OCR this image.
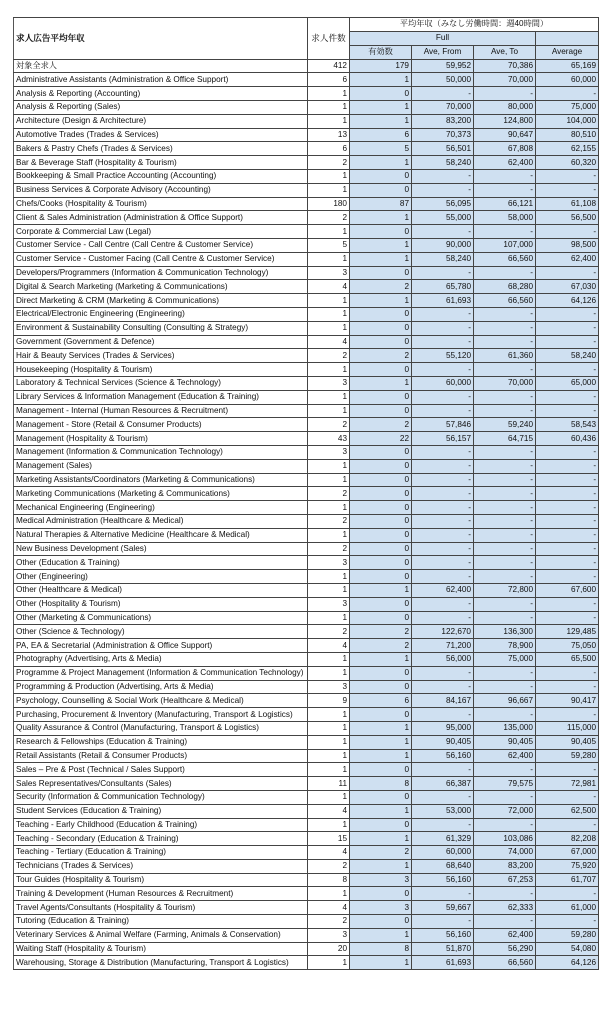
求人広告平均年収	求人件数	平均年収（みなし労働時間：週40時間）			
		Full			
		有効数	Ave, From	Ave, To	Average
対象全求人	412	179	59,952	70,386	65,169
Administrative Assistants (Administration & Office Support)	6	1	50,000	70,000	60,000
Analysis & Reporting (Accounting)	1	0	-	-	-
Analysis & Reporting (Sales)	1	1	70,000	80,000	75,000
Architecture (Design & Architecture)	1	1	83,200	124,800	104,000
Automotive Trades (Trades & Services)	13	6	70,373	90,647	80,510
Bakers & Pastry Chefs (Trades & Services)	6	5	56,501	67,808	62,155
Bar & Beverage Staff (Hospitality & Tourism)	2	1	58,240	62,400	60,320
Bookkeeping & Small Practice Accounting (Accounting)	1	0	-	-	-
Business Services & Corporate Advisory (Accounting)	1	0	-	-	-
Chefs/Cooks (Hospitality & Tourism)	180	87	56,095	66,121	61,108
Client & Sales Administration (Administration & Office Support)	2	1	55,000	58,000	56,500
Corporate & Commercial Law (Legal)	1	0	-	-	-
Customer Service - Call Centre (Call Centre & Customer Service)	5	1	90,000	107,000	98,500
Customer Service - Customer Facing (Call Centre & Customer Service)	1	1	58,240	66,560	62,400
Developers/Programmers (Information & Communication Technology)	3	0	-	-	-
Digital & Search Marketing (Marketing & Communications)	4	2	65,780	68,280	67,030
Direct Marketing & CRM (Marketing & Communications)	1	1	61,693	66,560	64,126
Electrical/Electronic Engineering (Engineering)	1	0	-	-	-
Environment & Sustainability Consulting (Consulting & Strategy)	1	0	-	-	-
Government (Government & Defence)	4	0	-	-	-
Hair & Beauty Services (Trades & Services)	2	2	55,120	61,360	58,240
Housekeeping (Hospitality & Tourism)	1	0	-	-	-
Laboratory & Technical Services (Science & Technology)	3	1	60,000	70,000	65,000
Library Services & Information Management (Education & Training)	1	0	-	-	-
Management - Internal (Human Resources & Recruitment)	1	0	-	-	-
Management - Store (Retail & Consumer Products)	2	2	57,846	59,240	58,543
Management (Hospitality & Tourism)	43	22	56,157	64,715	60,436
Management (Information & Communication Technology)	3	0	-	-	-
Management (Sales)	1	0	-	-	-
Marketing Assistants/Coordinators (Marketing & Communications)	1	0	-	-	-
Marketing Communications (Marketing & Communications)	2	0	-	-	-
Mechanical Engineering (Engineering)	1	0	-	-	-
Medical Administration (Healthcare & Medical)	2	0	-	-	-
Natural Therapies & Alternative Medicine (Healthcare & Medical)	1	0	-	-	-
New Business Development (Sales)	2	0	-	-	-
Other (Education & Training)	3	0	-	-	-
Other (Engineering)	1	0	-	-	-
Other (Healthcare & Medical)	1	1	62,400	72,800	67,600
Other (Hospitality & Tourism)	3	0	-	-	-
Other (Marketing & Communications)	1	0	-	-	-
Other (Science & Technology)	2	2	122,670	136,300	129,485
PA, EA & Secretarial (Administration & Office Support)	4	2	71,200	78,900	75,050
Photography (Advertising, Arts & Media)	1	1	56,000	75,000	65,500
Programme & Project Management (Information & Communication Technology)	1	0	-	-	-
Programming & Production (Advertising, Arts & Media)	3	0	-	-	-
Psychology, Counselling & Social Work (Healthcare & Medical)	9	6	84,167	96,667	90,417
Purchasing, Procurement & Inventory (Manufacturing, Transport & Logistics)	1	0	-	-	-
Quality Assurance & Control (Manufacturing, Transport & Logistics)	1	1	95,000	135,000	115,000
Research & Fellowships (Education & Training)	1	1	90,405	90,405	90,405
Retail Assistants (Retail & Consumer Products)	1	1	56,160	62,400	59,280
Sales – Pre & Post (Technical / Sales Support)	1	0	-	-	-
Sales Representatives/Consultants (Sales)	11	8	66,387	79,575	72,981
Security (Information & Communication Technology)	1	0	-	-	-
Student Services (Education & Training)	4	1	53,000	72,000	62,500
Teaching - Early Childhood (Education & Training)	1	0	-	-	-
Teaching - Secondary (Education & Training)	15	1	61,329	103,086	82,208
Teaching - Tertiary (Education & Training)	4	2	60,000	74,000	67,000
Technicians (Trades & Services)	2	1	68,640	83,200	75,920
Tour Guides (Hospitality & Tourism)	8	3	56,160	67,253	61,707
Training & Development (Human Resources & Recruitment)	1	0	-	-	-
Travel Agents/Consultants (Hospitality & Tourism)	4	3	59,667	62,333	61,000
Tutoring (Education & Training)	2	0	-	-	-
Veterinary Services & Animal Welfare (Farming, Animals & Conservation)	3	1	56,160	62,400	59,280
Waiting Staff (Hospitality & Tourism)	20	8	51,870	56,290	54,080
Warehousing, Storage & Distribution (Manufacturing, Transport & Logistics)	1	1	61,693	66,560	64,126
